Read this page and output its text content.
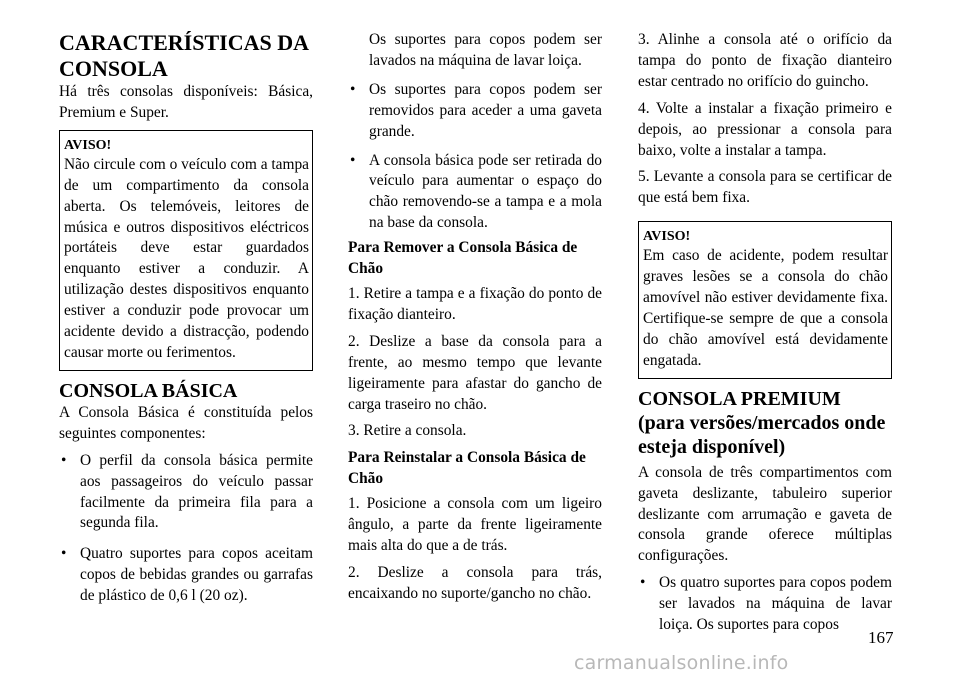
CARACTERÍSTICAS DA CONSOLA

Há três consolas disponíveis: Básica, Premium e Super.

AVISO!

Não circule com o veículo com a tampa de um compartimento da consola aberta. Os telemóveis, leitores de música e outros dispositivos eléctricos portáteis deve estar guardados enquanto estiver a conduzir. A utilização destes dispositivos enquanto estiver a conduzir pode provocar um acidente devido a distracção, podendo causar morte ou ferimentos.

CONSOLA BÁSICA

A Consola Básica é constituída pelos seguintes componentes:

• O perfil da consola básica permite aos passageiros do veículo passar facilmente da primeira fila para a segunda fila.
• Quatro suportes para copos aceitam copos de bebidas grandes ou garrafas de plástico de 0,6 l (20 oz).

Os suportes para copos podem ser lavados na máquina de lavar loiça.

• Os suportes para copos podem ser removidos para aceder a uma gaveta grande.
• A consola básica pode ser retirada do veículo para aumentar o espaço do chão removendo-se a tampa e a mola na base da consola.
Para Remover a Consola Básica de Chão

1. Retire a tampa e a fixação do ponto de fixação dianteiro.

2. Deslize a base da consola para a frente, ao mesmo tempo que levante ligeiramente para afastar do gancho de carga traseiro no chão.

3. Retire a consola.

Para Reinstalar a Consola Básica de Chão

1. Posicione a consola com um ligeiro ângulo, a parte da frente ligeiramente mais alta do que a de trás.

2. Deslize a consola para trás, encaixando no suporte/gancho no chão.

3. Alinhe a consola até o orifício da tampa do ponto de fixação dianteiro estar centrado no orifício do guincho.

4. Volte a instalar a fixação primeiro e depois, ao pressionar a consola para baixo, volte a instalar a tampa.

5. Levante a consola para se certificar de que está bem fixa.

AVISO!

Em caso de acidente, podem resultar graves lesões se a consola do chão amovível não estiver devidamente fixa. Certifique-se sempre de que a consola do chão amovível está devidamente engatada.

CONSOLA PREMIUM (para versões/mercados onde esteja disponível)

A consola de três compartimentos com gaveta deslizante, tabuleiro superior deslizante com arrumação e gaveta de consola grande oferece múltiplas configurações.

• Os quatro suportes para copos podem ser lavados na máquina de lavar loiça. Os suportes para copos
167
carmanualsonline.info
